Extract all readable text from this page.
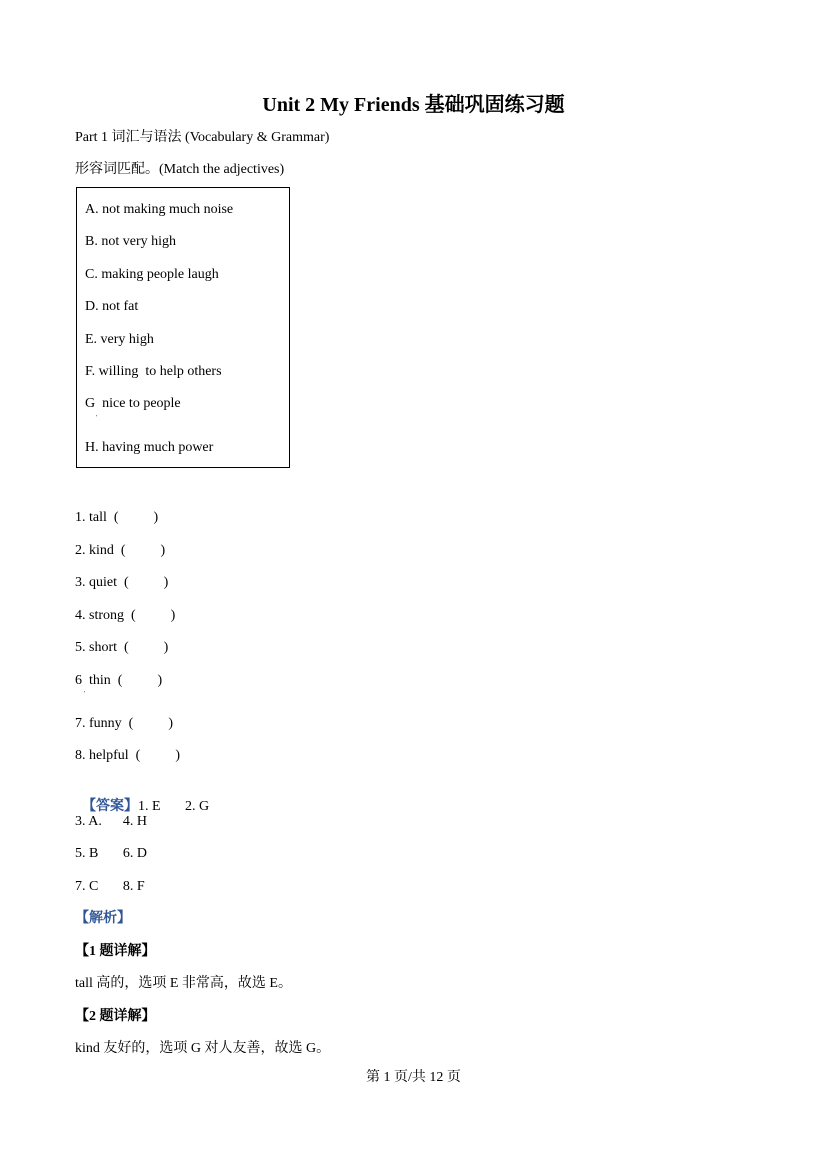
Unit 2 My Friends 基础巩固练习题
Part 1 词汇与语法 (Vocabulary & Grammar)
形容词匹配。(Match the adjectives)
A. not making much noise
B. not very high
C. making people laugh
D. not fat
E. very high
F. willing  to help others
G  nice to people
'
H. having much power
1. tall  (          )
2. kind  (          )
3. quiet  (          )
4. strong  (          )
5. short  (          )
6  thin  (          )
'
7. funny  (          )
8. helpful  (          )

【答案】1. E       2. G

3. A.      4. H
5. B       6. D
7. C       8. F
【解析】
【1 题详解】
tall 高的，选项 E 非常高，故选 E。
【2 题详解】
kind 友好的，选项 G 对人友善，故选 G。
第 1 页/共 12 页
